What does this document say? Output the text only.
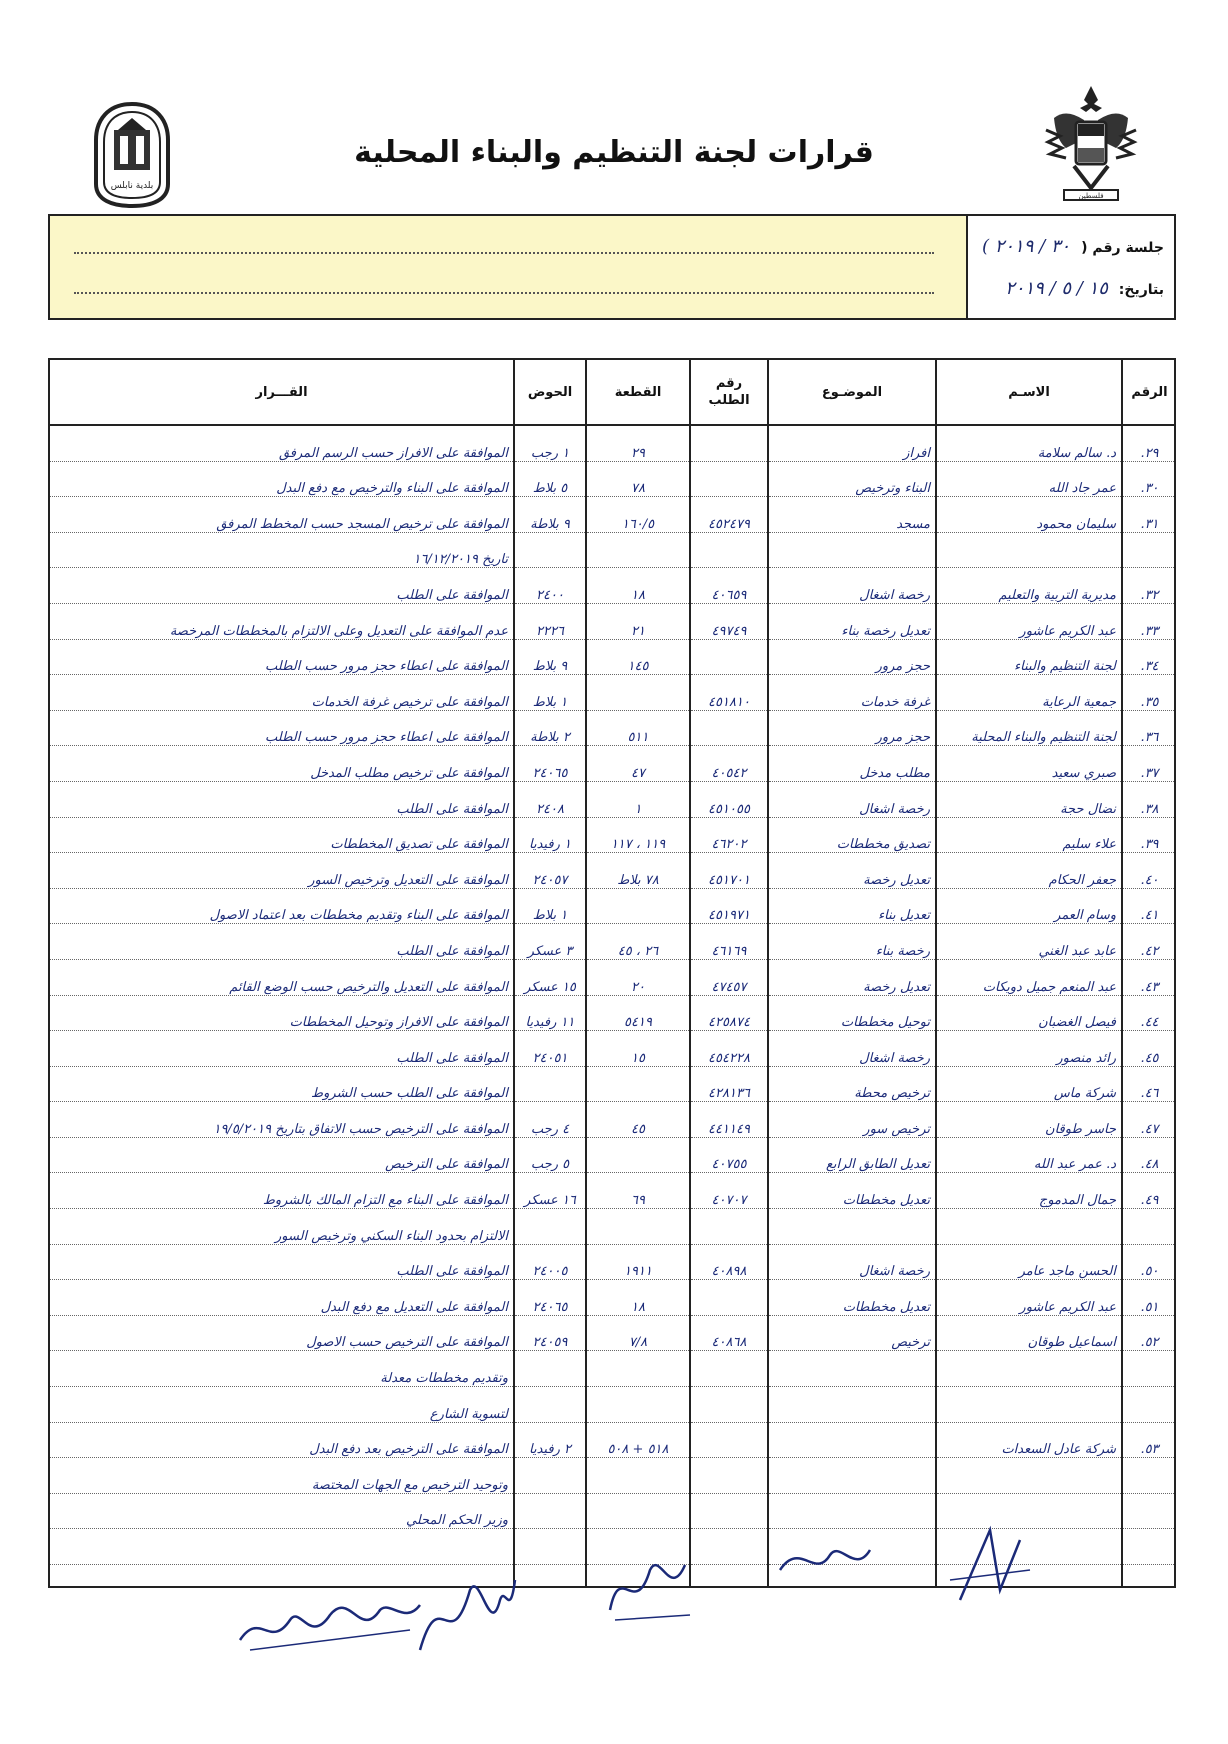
فلسطين
بلدية نابلس
قرارات لجنة التنظيم والبناء المحلية
جلسة رقم ( ٣٠ / ٢٠١٩ )
بتاريخ: ١٥ / ٥ / ٢٠١٩
الرقم	الاسـم	الموضـوع	رقم الطلب	القطعة	الحوض	القـــرار
٢٩.	د. سالم سلامة	افراز		٢٩	١ رجب	الموافقة على الافراز حسب الرسم المرفق
٣٠.	عمر جاد الله	البناء وترخيص		٧٨	٥ بلاط	الموافقة على البناء والترخيص مع دفع البدل
٣١.	سليمان محمود	مسجد	٤٥٢٤٧٩	١٦٠/٥	٩ بلاطة	الموافقة على ترخيص المسجد حسب المخطط المرفق
						تاريخ ١٦/١٢/٢٠١٩
٣٢.	مديرية التربية والتعليم	رخصة اشغال	٤٠٦٥٩	١٨	٢٤٠٠	الموافقة على الطلب
٣٣.	عبد الكريم عاشور	تعديل رخصة بناء	٤٩٧٤٩	٢١	٢٢٢٦	عدم الموافقة على التعديل وعلى الالتزام بالمخططات المرخصة
٣٤.	لجنة التنظيم والبناء	حجز مرور		١٤٥	٩ بلاط	الموافقة على اعطاء حجز مرور حسب الطلب
٣٥.	جمعية الرعاية	غرفة خدمات	٤٥١٨١٠		١ بلاط	الموافقة على ترخيص غرفة الخدمات
٣٦.	لجنة التنظيم والبناء المحلية	حجز مرور		٥١١	٢ بلاطة	الموافقة على اعطاء حجز مرور حسب الطلب
٣٧.	صبري سعيد	مطلب مدخل	٤٠٥٤٢	٤٧	٢٤٠٦٥	الموافقة على ترخيص مطلب المدخل
٣٨.	نضال حجة	رخصة اشغال	٤٥١٠٥٥	١	٢٤٠٨	الموافقة على الطلب
٣٩.	علاء سليم	تصديق مخططات	٤٦٢٠٢	١١٩ ، ١١٧	١ رفيديا	الموافقة على تصديق المخططات
٤٠.	جعفر الحكام	تعديل رخصة	٤٥١٧٠١	٧٨ بلاط	٢٤٠٥٧	الموافقة على التعديل وترخيص السور
٤١.	وسام العمر	تعديل بناء	٤٥١٩٧١		١ بلاط	الموافقة على البناء وتقديم مخططات بعد اعتماد الاصول
٤٢.	عابد عبد الغني	رخصة بناء	٤٦١٦٩	٢٦ ، ٤٥	٣ عسكر	الموافقة على الطلب
٤٣.	عبد المنعم جميل دويكات	تعديل رخصة	٤٧٤٥٧	٢٠	١٥ عسكر	الموافقة على التعديل والترخيص حسب الوضع القائم
٤٤.	فيصل الغضبان	توحيل مخططات	٤٢٥٨٧٤	٥٤١٩	١١ رفيديا	الموافقة على الافراز وتوحيل المخططات
٤٥.	رائد منصور	رخصة اشغال	٤٥٤٢٢٨	١٥	٢٤٠٥١	الموافقة على الطلب
٤٦.	شركة ماس	ترخيص محطة	٤٢٨١٣٦			الموافقة على الطلب حسب الشروط
٤٧.	جاسر طوقان	ترخيص سور	٤٤١١٤٩	٤٥	٤ رجب	الموافقة على الترخيص حسب الاتفاق بتاريخ ١٩/٥/٢٠١٩
٤٨.	د. عمر عبد الله	تعديل الطابق الرابع	٤٠٧٥٥		٥ رجب	الموافقة على الترخيص
٤٩.	جمال المدموج	تعديل مخططات	٤٠٧٠٧	٦٩	١٦ عسكر	الموافقة على البناء مع التزام المالك بالشروط
						الالتزام بحدود البناء السكني وترخيص السور
٥٠.	الحسن ماجد عامر	رخصة اشغال	٤٠٨٩٨	١٩١١	٢٤٠٠٥	الموافقة على الطلب
٥١.	عبد الكريم عاشور	تعديل مخططات		١٨	٢٤٠٦٥	الموافقة على التعديل مع دفع البدل
٥٢.	اسماعيل طوقان	ترخيص	٤٠٨٦٨	٧/٨	٢٤٠٥٩	الموافقة على الترخيص حسب الاصول
						وتقديم مخططات معدلة
						لتسوية الشارع
٥٣.	شركة عادل السعدات			٥١٨ + ٥٠٨	٢ رفيديا	الموافقة على الترخيص بعد دفع البدل
						وتوحيد الترخيص مع الجهات المختصة
						وزير الحكم المحلي
